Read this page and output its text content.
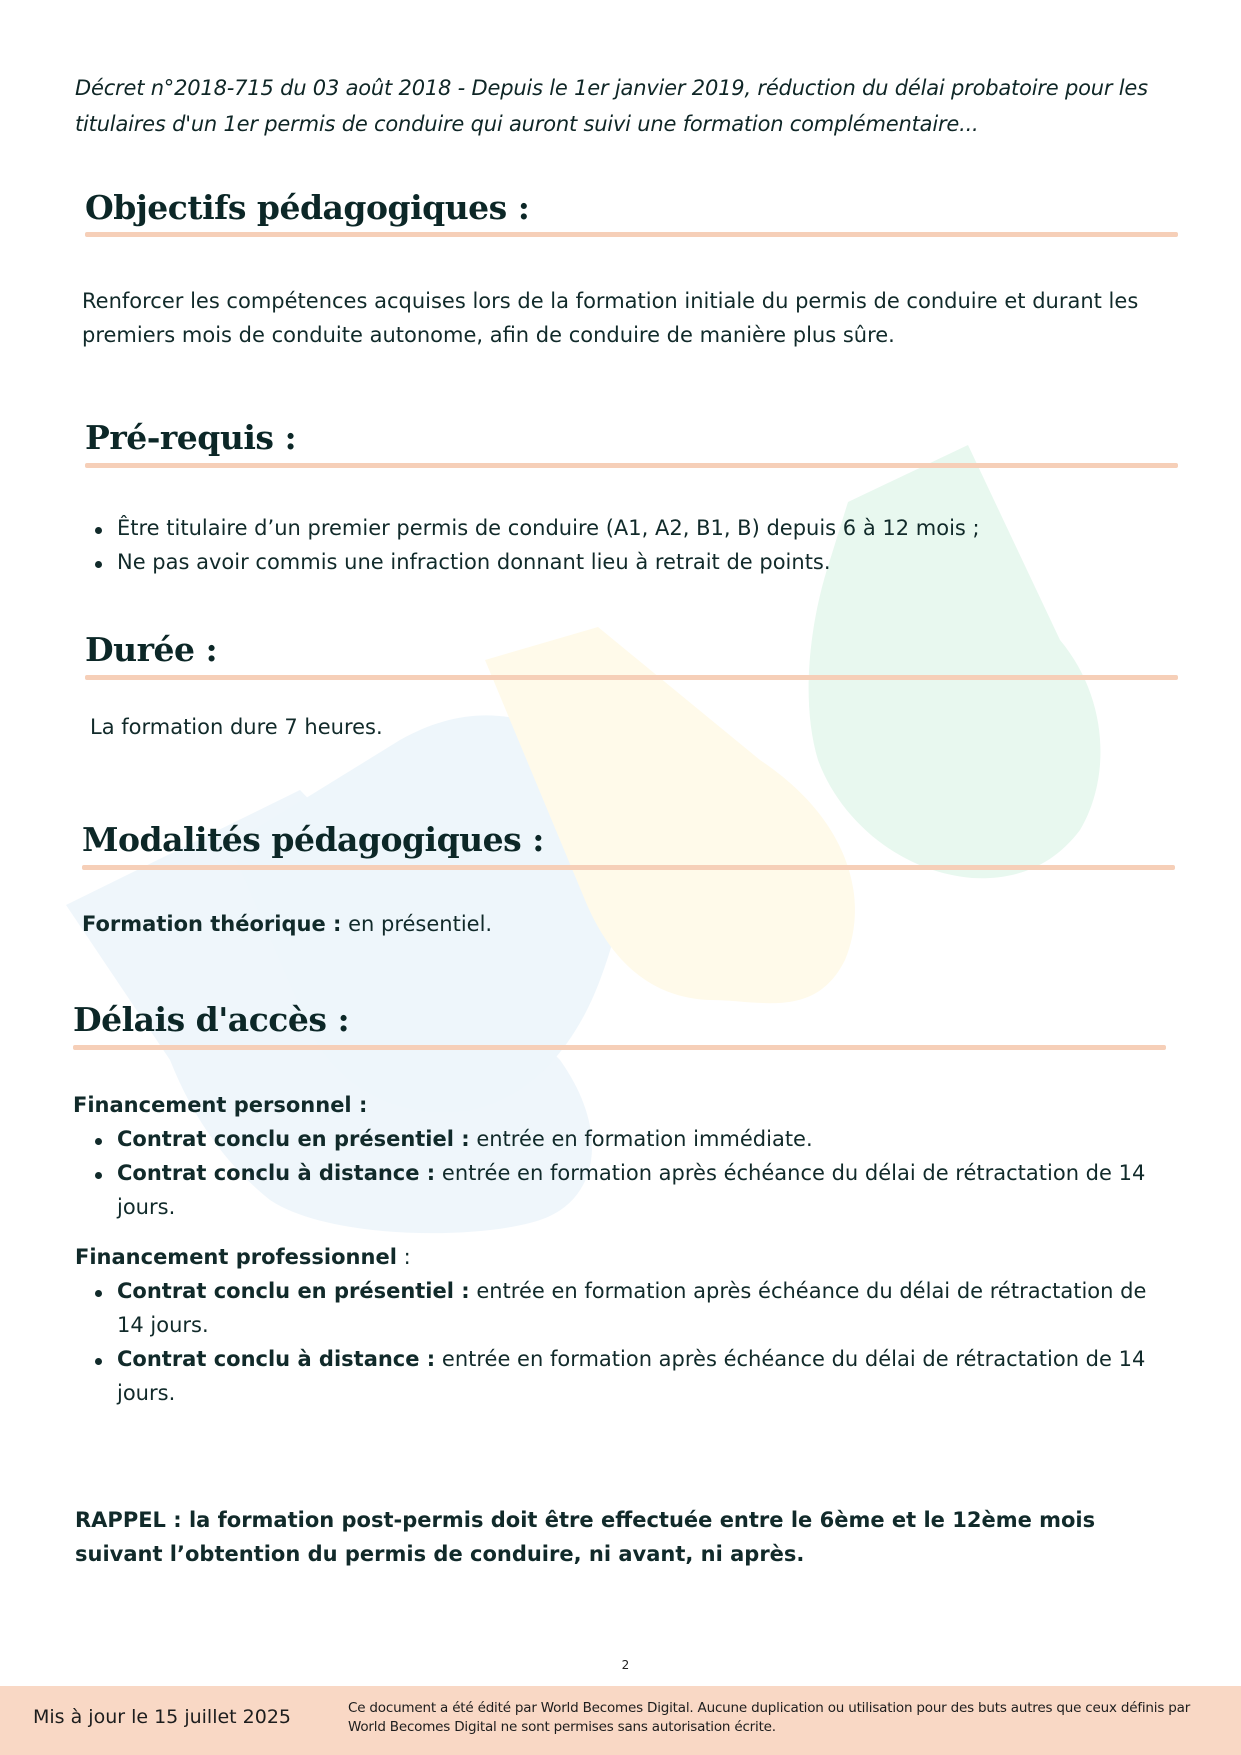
Décret n°2018-715 du 03 août 2018 - Depuis le 1er janvier 2019, réduction du délai probatoire pour les titulaires d'un 1er permis de conduire qui auront suivi une formation complémentaire...
Objectifs pédagogiques :
Renforcer les compétences acquises lors de la formation initiale du permis de conduire et durant les premiers mois de conduite autonome, afin de conduire de manière plus sûre.
Pré-requis :
Être titulaire d’un premier permis de conduire (A1, A2, B1, B) depuis 6 à 12 mois ;
Ne pas avoir commis une infraction donnant lieu à retrait de points.
Durée :
La formation dure 7 heures.
Modalités pédagogiques :
Formation théorique : en présentiel.
Délais d'accès :
Financement personnel :
Contrat conclu en présentiel : entrée en formation immédiate.
Contrat conclu à distance : entrée en formation après échéance du délai de rétractation de 14 jours.
Financement professionnel :
Contrat conclu en présentiel : entrée en formation après échéance du délai de rétractation de 14 jours.
Contrat conclu à distance : entrée en formation après échéance du délai de rétractation de 14 jours.
RAPPEL : la formation post-permis doit être effectuée entre le 6ème et le 12ème mois suivant l’obtention du permis de conduire, ni avant, ni après.
2
Mis à jour le 15 juillet 2025	Ce document a été édité par World Becomes Digital. Aucune duplication ou utilisation pour des buts autres que ceux définis par World Becomes Digital ne sont permises sans autorisation écrite.
